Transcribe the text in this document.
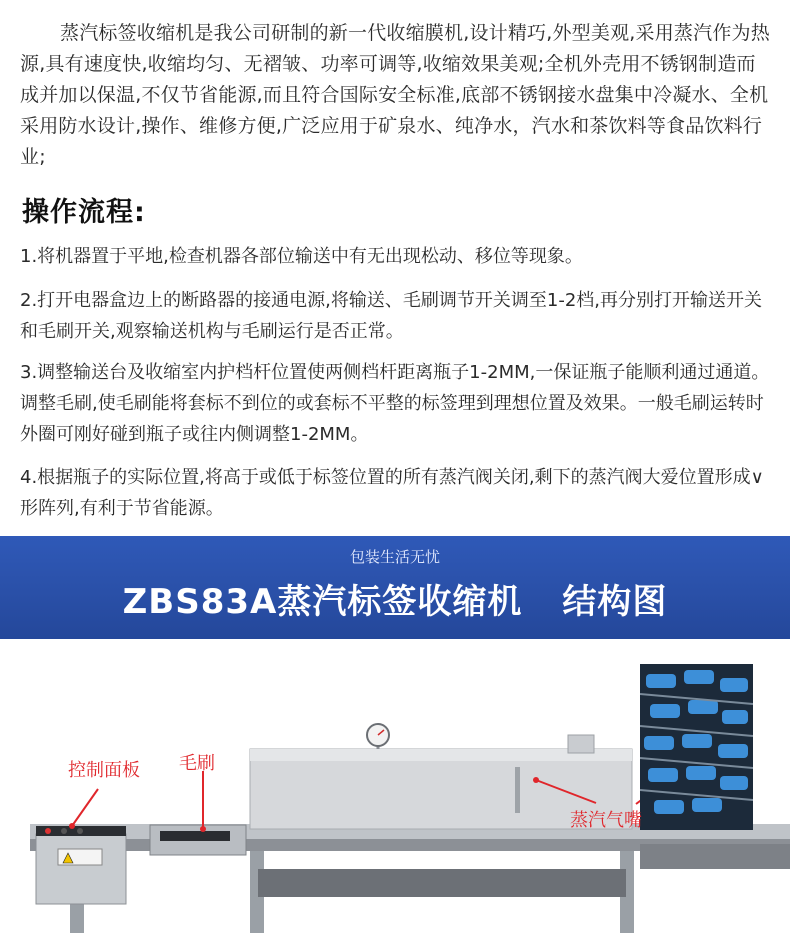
蒸汽标签收缩机是我公司研制的新一代收缩膜机,设计精巧,外型美观,采用蒸汽作为热源,具有速度快,收缩均匀、无褶皱、功率可调等,收缩效果美观;全机外壳用不锈钢制造而成并加以保温,不仅节省能源,而且符合国际安全标准,底部不锈钢接水盘集中冷凝水、全机采用防水设计,操作、维修方便,广泛应用于矿泉水、纯净水，汽水和茶饮料等食品饮料行业;
操作流程:
1.将机器置于平地,检查机器各部位输送中有无出现松动、移位等现象。
2.打开电器盒边上的断路器的接通电源,将输送、毛刷调节开关调至1-2档,再分别打开输送开关和毛刷开关,观察输送机构与毛刷运行是否正常。
3.调整输送台及收缩室内护档杆位置使两侧档杆距离瓶子1-2MM,一保证瓶子能顺利通过通道。调整毛刷,使毛刷能将套标不到位的或套标不平整的标签理到理想位置及效果。一般毛刷运转时外圈可刚好碰到瓶子或往内侧调整1-2MM。
4.根据瓶子的实际位置,将高于或低于标签位置的所有蒸汽阀关闭,剩下的蒸汽阀大爱位置形成∨形阵列,有利于节省能源。
包装生活无忧
ZBS83A蒸汽标签收缩机 结构图
控制面板 毛刷
蒸汽气嘴
